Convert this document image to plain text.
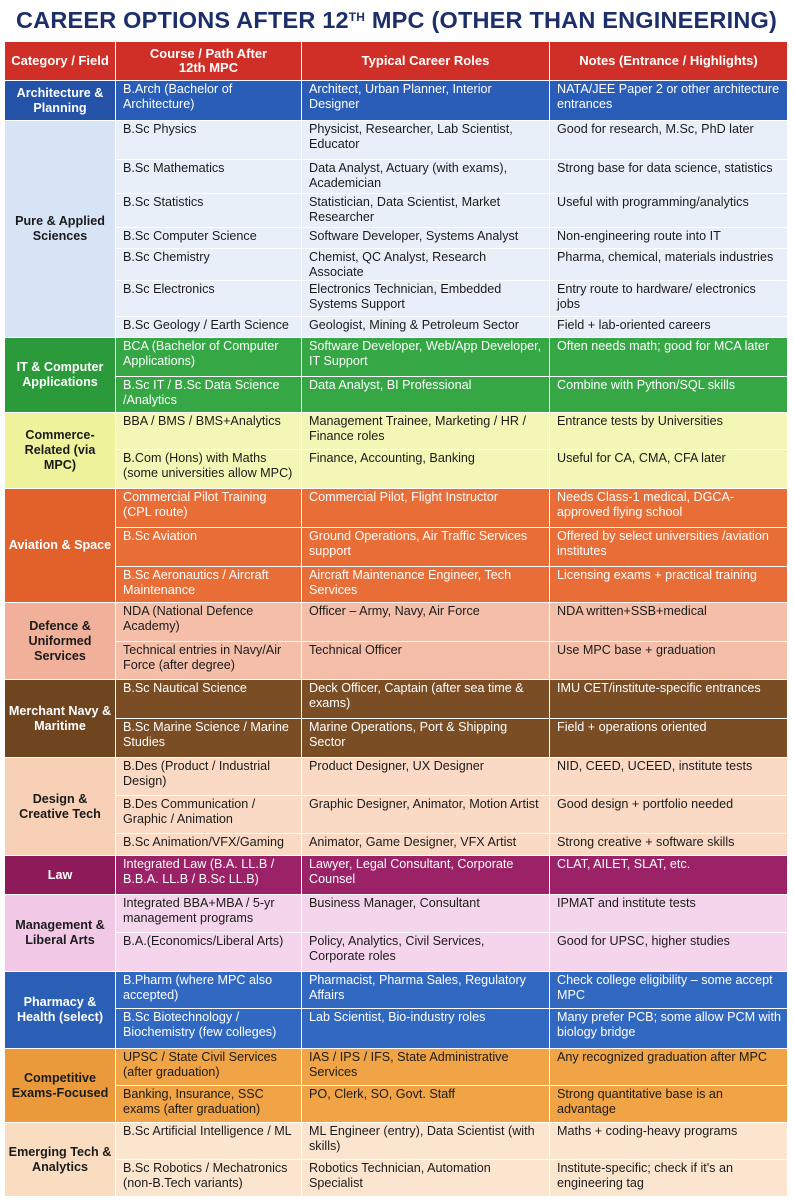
CAREER OPTIONS AFTER 12TH MPC (OTHER THAN ENGINEERING)
Category / Field	Course / Path After 12th MPC	Typical Career Roles	Notes (Entrance / Highlights)
Architecture & Planning	B.Arch (Bachelor of Architecture)	Architect, Urban Planner, Interior Designer	NATA/JEE Paper 2 or other architecture entrances
Pure & Applied Sciences	B.Sc Physics	Physicist, Researcher, Lab Scientist, Educator	Good for research, M.Sc, PhD later
	B.Sc Mathematics	Data Analyst, Actuary (with exams), Academician	Strong base for data science, statistics
	B.Sc Statistics	Statistician, Data Scientist, Market Researcher	Useful with programming/analytics
	B.Sc Computer Science	Software Developer, Systems Analyst	Non-engineering route into IT
	B.Sc Chemistry	Chemist, QC Analyst, Research Associate	Pharma, chemical, materials industries
	B.Sc Electronics	Electronics Technician, Embedded Systems Support	Entry route to hardware/ electronics jobs
	B.Sc Geology / Earth Science	Geologist, Mining & Petroleum Sector	Field + lab-oriented careers
IT & Computer Applications	BCA (Bachelor of Computer Applications)	Software Developer, Web/App Developer, IT Support	Often needs math; good for MCA later
	B.Sc IT / B.Sc Data Science /Analytics	Data Analyst, BI Professional	Combine with Python/SQL skills
Commerce-Related (via MPC)	BBA / BMS / BMS+Analytics	Management Trainee, Marketing / HR / Finance roles	Entrance tests by Universities
	B.Com (Hons) with Maths (some universities allow MPC)	Finance, Accounting, Banking	Useful for CA, CMA, CFA later
Aviation & Space	Commercial Pilot Training (CPL route)	Commercial Pilot, Flight Instructor	Needs Class-1 medical, DGCA-approved flying school
	B.Sc Aviation	Ground Operations, Air Traffic Services support	Offered by select universities /aviation institutes
	B.Sc Aeronautics / Aircraft Maintenance	Aircraft Maintenance Engineer, Tech Services	Licensing exams + practical training
Defence & Uniformed Services	NDA (National Defence Academy)	Officer – Army, Navy, Air Force	NDA written+SSB+medical
	Technical entries in Navy/Air Force (after degree)	Technical Officer	Use MPC base + graduation
Merchant Navy & Maritime	B.Sc Nautical Science	Deck Officer, Captain (after sea time & exams)	IMU CET/institute-specific entrances
	B.Sc Marine Science / Marine Studies	Marine Operations, Port & Shipping Sector	Field + operations oriented
Design & Creative Tech	B.Des (Product / Industrial Design)	Product Designer, UX Designer	NID, CEED, UCEED, institute tests
	B.Des Communication / Graphic / Animation	Graphic Designer, Animator, Motion Artist	Good design + portfolio needed
	B.Sc Animation/VFX/Gaming	Animator, Game Designer, VFX Artist	Strong creative + software skills
Law	Integrated Law (B.A. LL.B / B.B.A. LL.B / B.Sc LL.B)	Lawyer, Legal Consultant, Corporate Counsel	CLAT, AILET, SLAT, etc.
Management & Liberal Arts	Integrated BBA+MBA / 5-yr management programs	Business Manager, Consultant	IPMAT and institute tests
	B.A.(Economics/Liberal Arts)	Policy, Analytics, Civil Services, Corporate roles	Good for UPSC, higher studies
Pharmacy & Health (select)	B.Pharm (where MPC also accepted)	Pharmacist, Pharma Sales, Regulatory Affairs	Check college eligibility – some accept MPC
	B.Sc Biotechnology / Biochemistry (few colleges)	Lab Scientist, Bio-industry roles	Many prefer PCB; some allow PCM with biology bridge
Competitive Exams-Focused	UPSC / State Civil Services (after graduation)	IAS / IPS / IFS, State Administrative Services	Any recognized graduation after MPC
	Banking, Insurance, SSC exams (after graduation)	PO, Clerk, SO, Govt. Staff	Strong quantitative base is an advantage
Emerging Tech & Analytics	B.Sc Artificial Intelligence / ML	ML Engineer (entry), Data Scientist (with skills)	Maths + coding-heavy programs
	B.Sc Robotics / Mechatronics (non-B.Tech variants)	Robotics Technician, Automation Specialist	Institute-specific; check if it's an engineering tag
